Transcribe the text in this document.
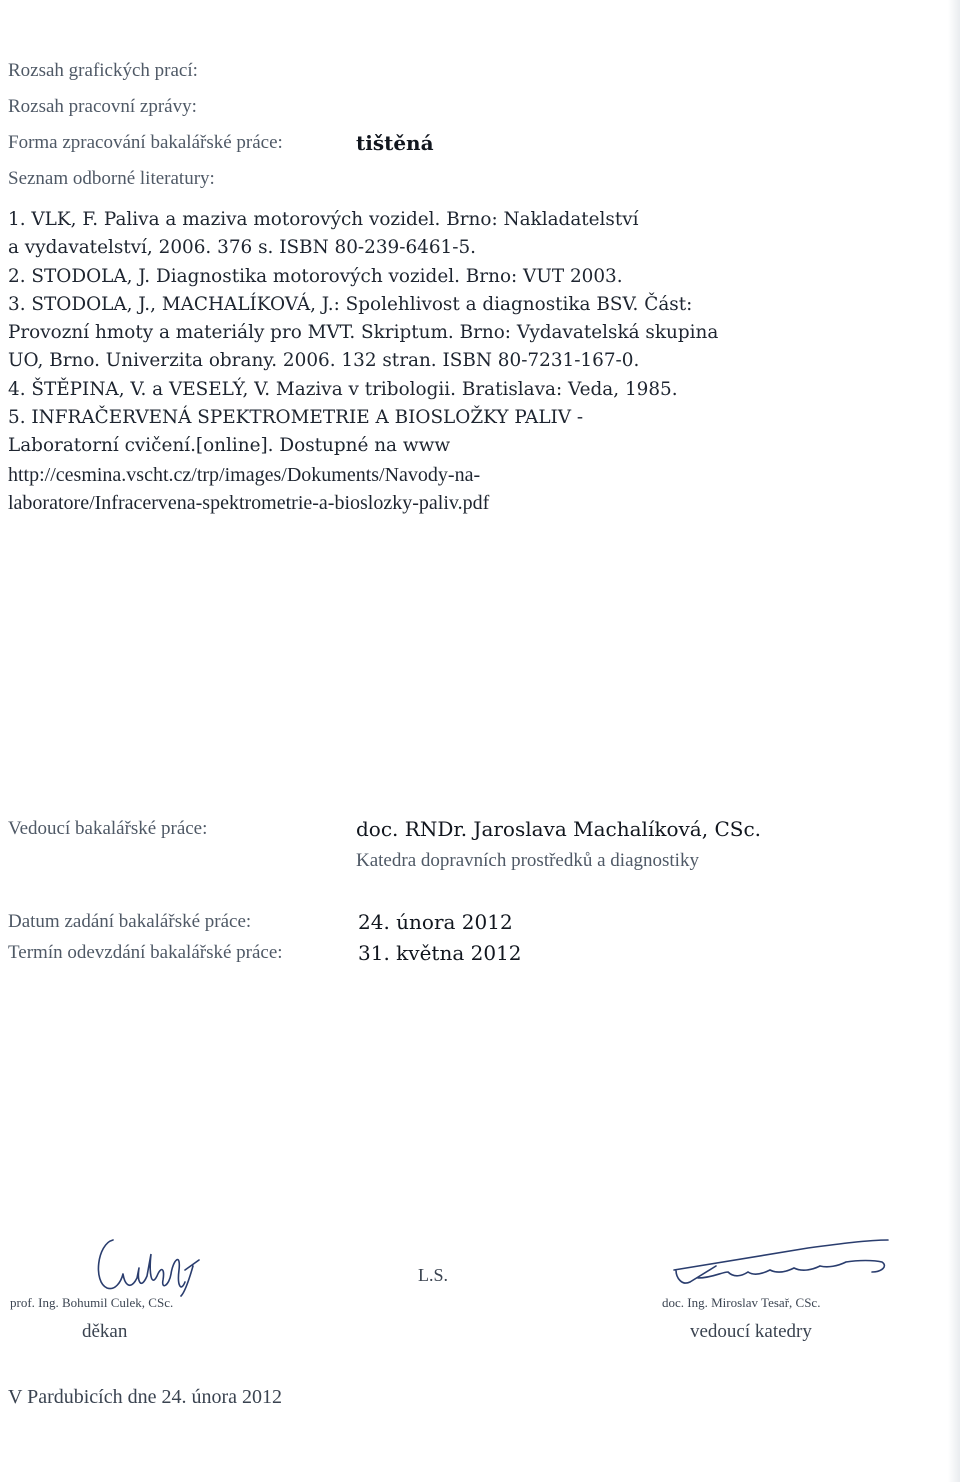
Rozsah grafických prací:
Rozsah pracovní zprávy:
Forma zpracování bakalářské práce:	tištěná
Seznam odborné literatury:
1. VLK, F. Paliva a maziva motorových vozidel. Brno: Nakladatelství
a vydavatelství, 2006. 376 s. ISBN 80-239-6461-5.
2. STODOLA, J. Diagnostika motorových vozidel. Brno: VUT 2003.
3. STODOLA, J., MACHALÍKOVÁ, J.: Spolehlivost a diagnostika BSV. Část:
Provozní hmoty a materiály pro MVT. Skriptum. Brno: Vydavatelská skupina
UO, Brno. Univerzita obrany. 2006. 132 stran. ISBN 80-7231-167-0.
4. ŠTĚPINA, V. a VESELÝ, V. Maziva v tribologii. Bratislava: Veda, 1985.
5. INFRAČERVENÁ SPEKTROMETRIE A BIOSLOŽKY PALIV -
Laboratorní cvičení.[online]. Dostupné na www
http://cesmina.vscht.cz/trp/images/Dokuments/Navody-na-
laboratore/Infracervena-spektrometrie-a-bioslozky-paliv.pdf
Vedoucí bakalářské práce:	doc. RNDr. Jaroslava Machalíková, CSc.
Katedra dopravních prostředků a diagnostiky
Datum zadání bakalářské práce:	24. února 2012
Termín odevzdání bakalářské práce:	31. května 2012
prof. Ing. Bohumil Culek, CSc.
děkan
L.S.
doc. Ing. Miroslav Tesař, CSc.
vedoucí katedry
V Pardubicích dne 24. února 2012
